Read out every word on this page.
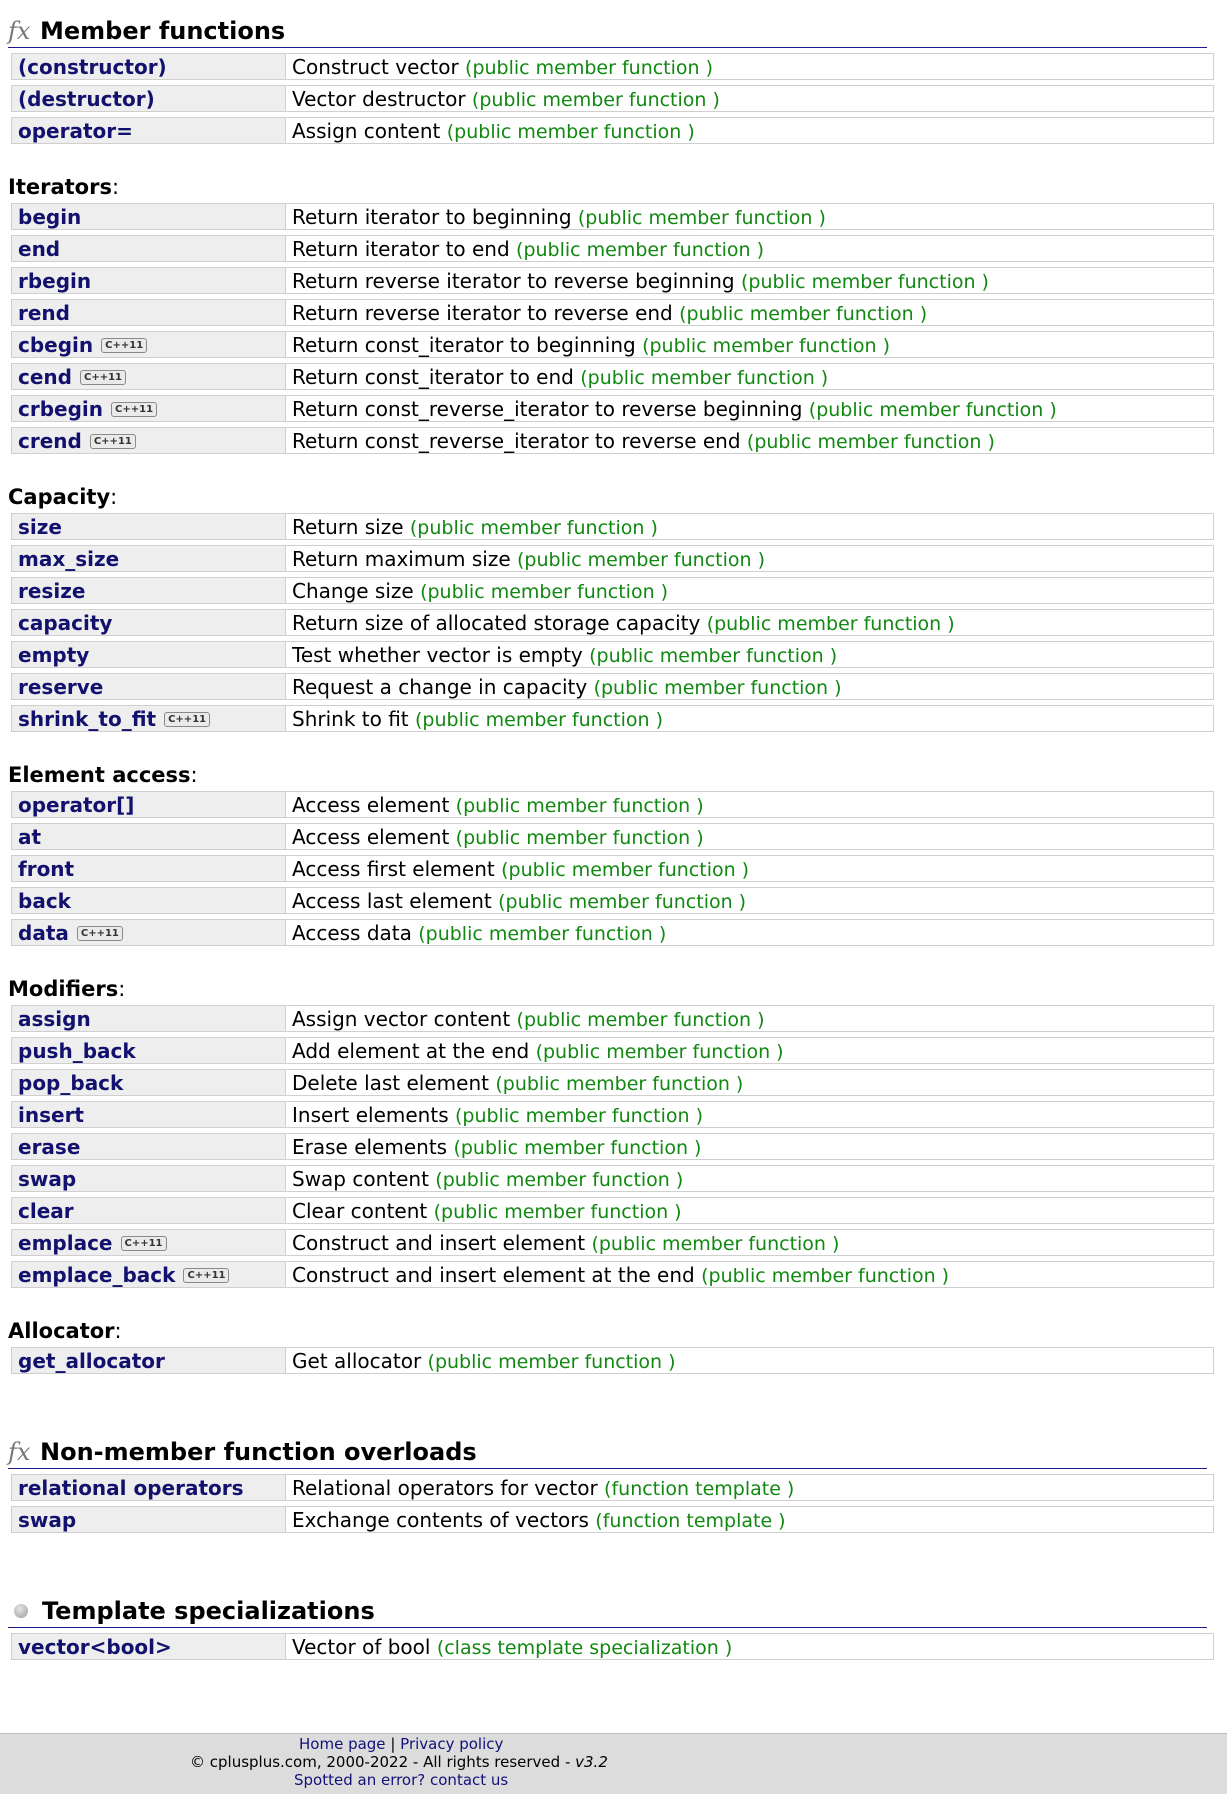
fx Member functions
(constructor)	Construct vector (public member function )
(destructor)	Vector destructor (public member function )
operator=	Assign content (public member function )
Iterators:
begin	Return iterator to beginning (public member function )
end	Return iterator to end (public member function )
rbegin	Return reverse iterator to reverse beginning (public member function )
rend	Return reverse iterator to reverse end (public member function )
cbegin C++11	Return const_iterator to beginning (public member function )
cend C++11	Return const_iterator to end (public member function )
crbegin C++11	Return const_reverse_iterator to reverse beginning (public member function )
crend C++11	Return const_reverse_iterator to reverse end (public member function )
Capacity:
size	Return size (public member function )
max_size	Return maximum size (public member function )
resize	Change size (public member function )
capacity	Return size of allocated storage capacity (public member function )
empty	Test whether vector is empty (public member function )
reserve	Request a change in capacity (public member function )
shrink_to_fit C++11	Shrink to fit (public member function )
Element access:
operator[]	Access element (public member function )
at	Access element (public member function )
front	Access first element (public member function )
back	Access last element (public member function )
data C++11	Access data (public member function )
Modifiers:
assign	Assign vector content (public member function )
push_back	Add element at the end (public member function )
pop_back	Delete last element (public member function )
insert	Insert elements (public member function )
erase	Erase elements (public member function )
swap	Swap content (public member function )
clear	Clear content (public member function )
emplace C++11	Construct and insert element (public member function )
emplace_back C++11	Construct and insert element at the end (public member function )
Allocator:
get_allocator	Get allocator (public member function )
fx Non-member function overloads
relational operators	Relational operators for vector (function template )
swap	Exchange contents of vectors (function template )
Template specializations
vector<bool>	Vector of bool (class template specialization )
Home page | Privacy policy
© cplusplus.com, 2000-2022 - All rights reserved - v3.2
Spotted an error? contact us
